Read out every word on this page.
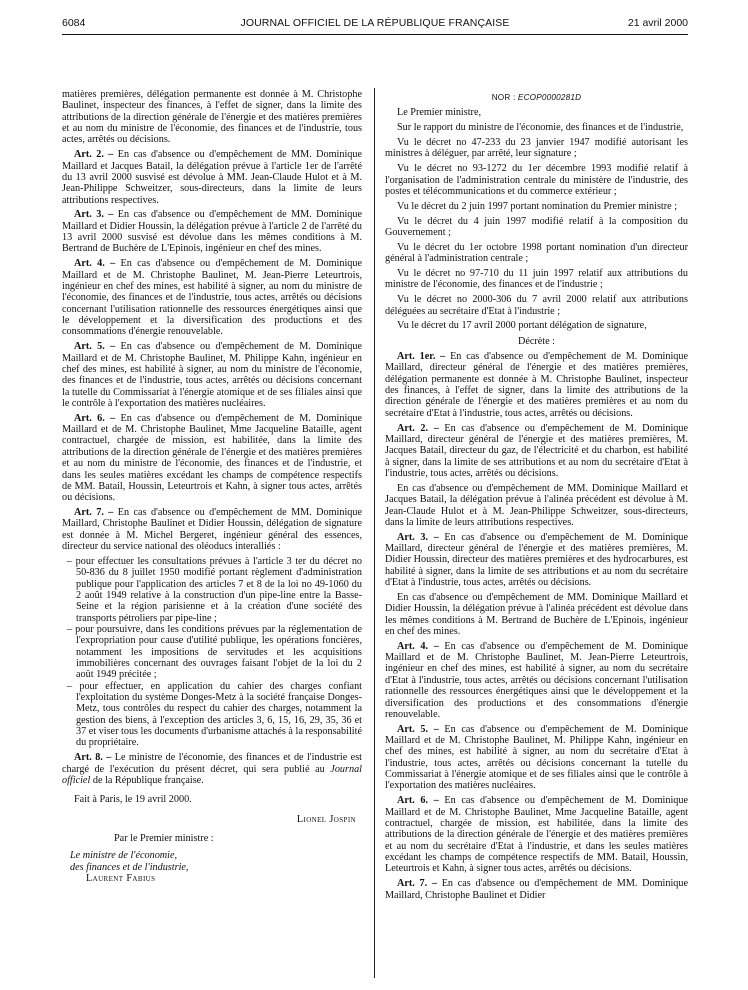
6084	JOURNAL OFFICIEL DE LA RÉPUBLIQUE FRANÇAISE	21 avril 2000

matières premières, délégation permanente est donnée à M. Christophe Baulinet, inspecteur des finances, à l'effet de signer, dans la limite des attributions de la direction générale de l'énergie et des matières premières et au nom du ministre de l'économie, des finances et de l'industrie, tous actes, arrêtés ou décisions.

Art. 2. – En cas d'absence ou d'empêchement de MM. Dominique Maillard et Jacques Batail, la délégation prévue à l'article 1er de l'arrêté du 13 avril 2000 susvisé est dévolue à MM. Jean-Claude Hulot et à M. Jean-Philippe Schweitzer, sous-directeurs, dans la limite de leurs attributions respectives.

Art. 3. – En cas d'absence ou d'empêchement de MM. Dominique Maillard et Didier Houssin, la délégation prévue à l'article 2 de l'arrêté du 13 avril 2000 susvisé est dévolue dans les mêmes conditions à M. Bertrand de Buchère de L'Epinois, ingénieur en chef des mines.

Art. 4. – En cas d'absence ou d'empêchement de M. Dominique Maillard et de M. Christophe Baulinet, M. Jean-Pierre Leteurtrois, ingénieur en chef des mines, est habilité à signer, au nom du ministre de l'économie, des finances et de l'industrie, tous actes, arrêtés ou décisions concernant l'utilisation rationnelle des ressources énergétiques ainsi que le développement et la diversification des productions et des consommations d'énergie renouvelable.

Art. 5. – En cas d'absence ou d'empêchement de M. Dominique Maillard et de M. Christophe Baulinet, M. Philippe Kahn, ingénieur en chef des mines, est habilité à signer, au nom du ministre de l'économie, des finances et de l'industrie, tous actes, arrêtés ou décisions concernant la tutelle du Commissariat à l'énergie atomique et de ses filiales ainsi que le contrôle à l'exportation des matières nucléaires.

Art. 6. – En cas d'absence ou d'empêchement de M. Dominique Maillard et de M. Christophe Baulinet, Mme Jacqueline Bataille, agent contractuel, chargée de mission, est habilitée, dans la limite des attributions de la direction générale de l'énergie et des matières premières et au nom du ministre de l'économie, des finances et de l'industrie, et dans les seules matières excédant les champs de compétence respectifs de MM. Batail, Houssin, Leteurtrois et Kahn, à signer tous actes, arrêtés ou décisions.

Art. 7. – En cas d'absence ou d'empêchement de MM. Dominique Maillard, Christophe Baulinet et Didier Houssin, délégation de signature est donnée à M. Michel Bergeret, ingénieur général des essences, directeur du service national des oléoducs interalliés :

– pour effectuer les consultations prévues à l'article 3 ter du décret no 50-836 du 8 juillet 1950 modifié portant règlement d'administration publique pour l'application des articles 7 et 8 de la loi no 49-1060 du 2 août 1949 relative à la construction d'un pipe-line entre la Basse-Seine et la région parisienne et à la création d'une société des transports pétroliers par pipe-line ;
– pour poursuivre, dans les conditions prévues par la réglementation de l'expropriation pour cause d'utilité publique, les opérations foncières, notamment les impositions de servitudes et les acquisitions immobilières concernant des ouvrages faisant l'objet de la loi du 2 août 1949 précitée ;
– pour effectuer, en application du cahier des charges confiant l'exploitation du système Donges-Metz à la société française Donges-Metz, tous contrôles du respect du cahier des charges, notamment la gestion des biens, à l'exception des articles 3, 6, 15, 16, 29, 35, 36 et 37 et viser tous les documents d'urbanisme attachés à la responsabilité du propriétaire.

Art. 8. – Le ministre de l'économie, des finances et de l'industrie est chargé de l'exécution du présent décret, qui sera publié au Journal officiel de la République française.

Fait à Paris, le 19 avril 2000.

Lionel Jospin

Par le Premier ministre :

Le ministre de l'économie,

des finances et de l'industrie,

Laurent Fabius

NOR : ECOP0000281D

Le Premier ministre,

Sur le rapport du ministre de l'économie, des finances et de l'industrie,

Vu le décret no 47-233 du 23 janvier 1947 modifié autorisant les ministres à déléguer, par arrêté, leur signature ;

Vu le décret no 93-1272 du 1er décembre 1993 modifié relatif à l'organisation de l'administration centrale du ministère de l'industrie, des postes et télécommunications et du commerce extérieur ;

Vu le décret du 2 juin 1997 portant nomination du Premier ministre ;

Vu le décret du 4 juin 1997 modifié relatif à la composition du Gouvernement ;

Vu le décret du 1er octobre 1998 portant nomination d'un directeur général à l'administration centrale ;

Vu le décret no 97-710 du 11 juin 1997 relatif aux attributions du ministre de l'économie, des finances et de l'industrie ;

Vu le décret no 2000-306 du 7 avril 2000 relatif aux attributions déléguées au secrétaire d'Etat à l'industrie ;

Vu le décret du 17 avril 2000 portant délégation de signature,

Décrète :

Art. 1er. – En cas d'absence ou d'empêchement de M. Dominique Maillard, directeur général de l'énergie et des matières premières, délégation permanente est donnée à M. Christophe Baulinet, inspecteur des finances, à l'effet de signer, dans la limite des attributions de la direction générale de l'énergie et des matières premières et au nom du secrétaire d'Etat à l'industrie, tous actes, arrêtés ou décisions.

Art. 2. – En cas d'absence ou d'empêchement de M. Dominique Maillard, directeur général de l'énergie et des matières premières, M. Jacques Batail, directeur du gaz, de l'électricité et du charbon, est habilité à signer, dans la limite de ses attributions et au nom du secrétaire d'Etat à l'industrie, tous actes, arrêtés ou décisions.

En cas d'absence ou d'empêchement de MM. Dominique Maillard et Jacques Batail, la délégation prévue à l'alinéa précédent est dévolue à M. Jean-Claude Hulot et à M. Jean-Philippe Schweitzer, sous-directeurs, dans la limite de leurs attributions respectives.

Art. 3. – En cas d'absence ou d'empêchement de M. Dominique Maillard, directeur général de l'énergie et des matières premières, M. Didier Houssin, directeur des matières premières et des hydrocarbures, est habilité à signer, dans la limite de ses attributions et au nom du secrétaire d'Etat à l'industrie, tous actes, arrêtés ou décisions.

En cas d'absence ou d'empêchement de MM. Dominique Maillard et Didier Houssin, la délégation prévue à l'alinéa précédent est dévolue dans les mêmes conditions à M. Bertrand de Buchère de L'Epinois, ingénieur en chef des mines.

Art. 4. – En cas d'absence ou d'empêchement de M. Dominique Maillard et de M. Christophe Baulinet, M. Jean-Pierre Leteurtrois, ingénieur en chef des mines, est habilité à signer, au nom du secrétaire d'Etat à l'industrie, tous actes, arrêtés ou décisions concernant l'utilisation rationnelle des ressources énergétiques ainsi que le développement et la diversification des productions et des consommations d'énergie renouvelable.

Art. 5. – En cas d'absence ou d'empêchement de M. Dominique Maillard et de M. Christophe Baulinet, M. Philippe Kahn, ingénieur en chef des mines, est habilité à signer, au nom du secrétaire d'Etat à l'industrie, tous actes, arrêtés ou décisions concernant la tutelle du Commissariat à l'énergie atomique et de ses filiales ainsi que le contrôle à l'exportation des matières nucléaires.

Art. 6. – En cas d'absence ou d'empêchement de M. Dominique Maillard et de M. Christophe Baulinet, Mme Jacqueline Bataille, agent contractuel, chargée de mission, est habilitée, dans la limite des attributions de la direction générale de l'énergie et des matières premières et au nom du secrétaire d'Etat à l'industrie, et dans les seules matières excédant les champs de compétence respectifs de MM. Batail, Houssin, Leteurtrois et Kahn, à signer tous actes, arrêtés ou décisions.

Art. 7. – En cas d'absence ou d'empêchement de MM. Dominique Maillard, Christophe Baulinet et Didier
